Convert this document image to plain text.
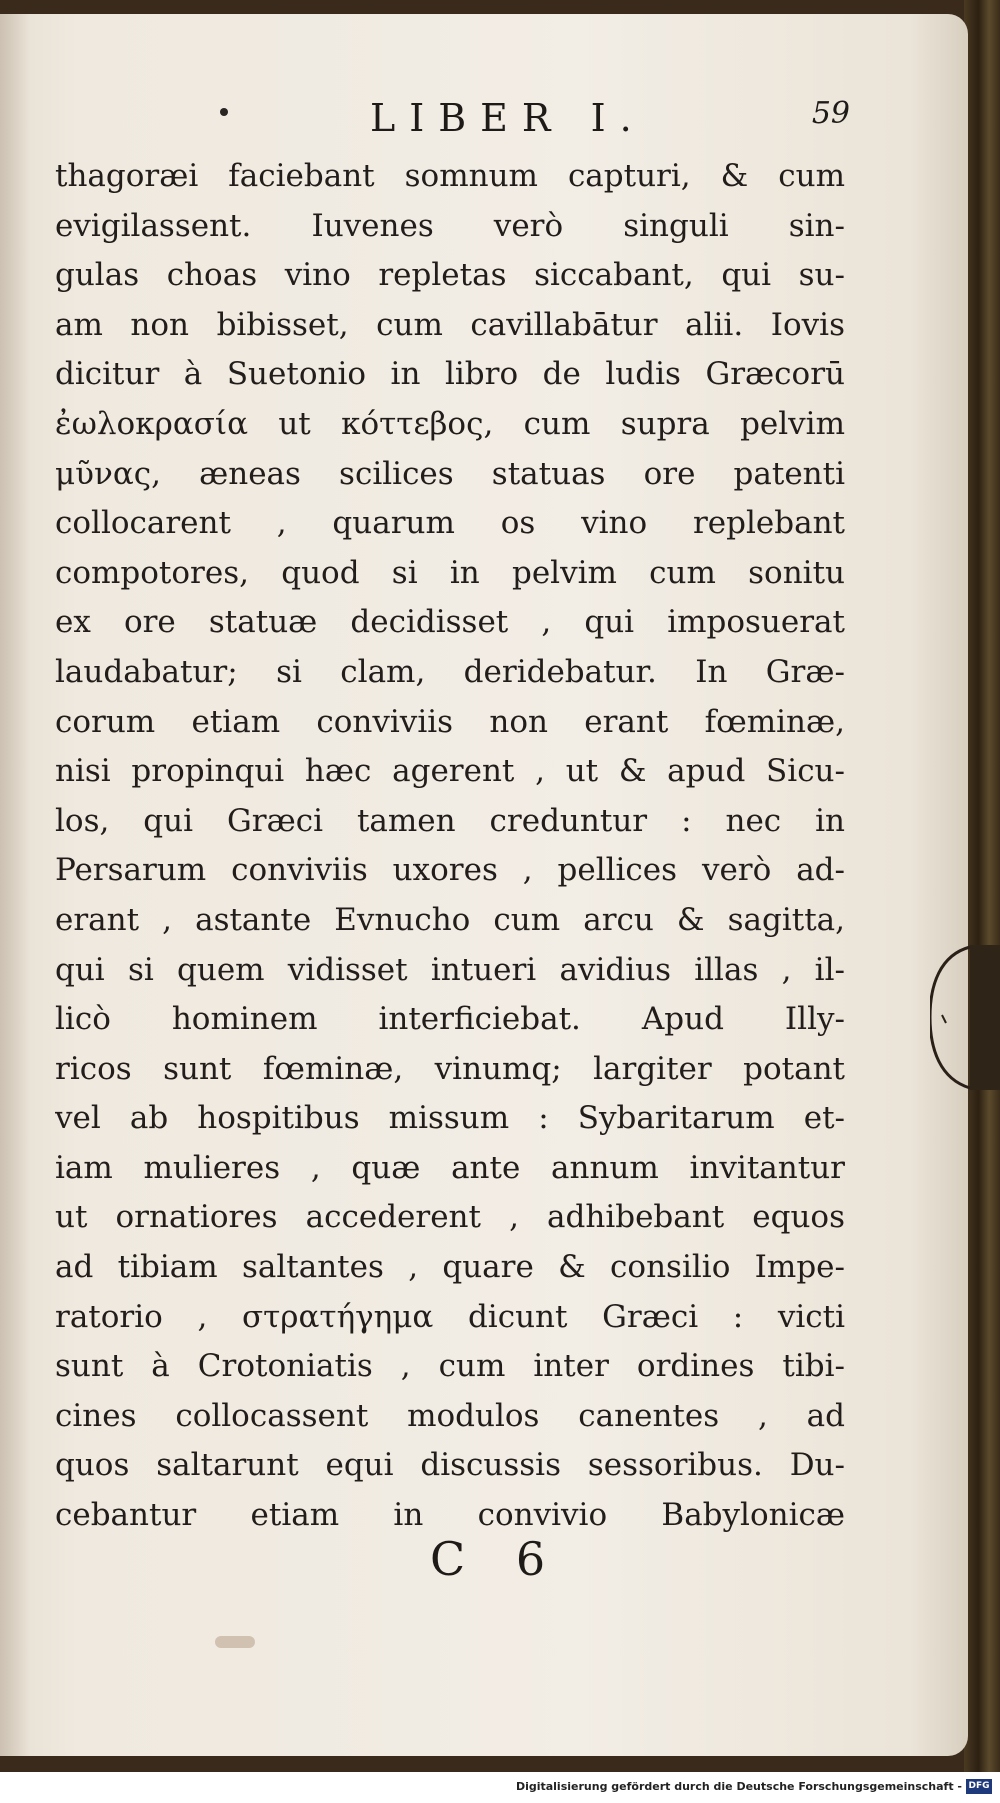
LIBER I.	59
thagoræi faciebant somnum capturi, & cum
evigilassent. Iuvenes verò singuli sin-
gulas choas vino repletas siccabant, qui su-
am non bibisset, cum cavillabātur alii. Iovis
dicitur à Suetonio in libro de ludis Græcorū
ἐωλοκρασία ut κόττεβος, cum supra pelvim
μῦνας, æneas scilices statuas ore patenti
collocarent , quarum os vino replebant
compotores, quod si in pelvim cum sonitu
ex ore statuæ decidisset , qui imposuerat
laudabatur; si clam, deridebatur. In Græ-
corum etiam conviviis non erant fœminæ,
nisi propinqui hæc agerent , ut & apud Sicu-
los, qui Græci tamen creduntur : nec in
Persarum conviviis uxores , pellices verò ad-
erant , astante Evnucho cum arcu & sagitta,
qui si quem vidisset intueri avidius illas , il-
licò hominem interficiebat. Apud Illy-
ricos sunt fœminæ, vinumq; largiter potant
vel ab hospitibus missum : Sybaritarum et-
iam mulieres , quæ ante annum invitantur
ut ornatiores accederent , adhibebant equos
ad tibiam saltantes , quare & consilio Impe-
ratorio , στρατήγημα dicunt Græci : victi
sunt à Crotoniatis , cum inter ordines tibi-
cines collocassent modulos canentes , ad
quos saltarunt equi discussis sessoribus. Du-
cebantur etiam in convivio Babylonicæ
C 6
Digitalisierung gefördert durch die Deutsche Forschungsgemeinschaft - DFG
